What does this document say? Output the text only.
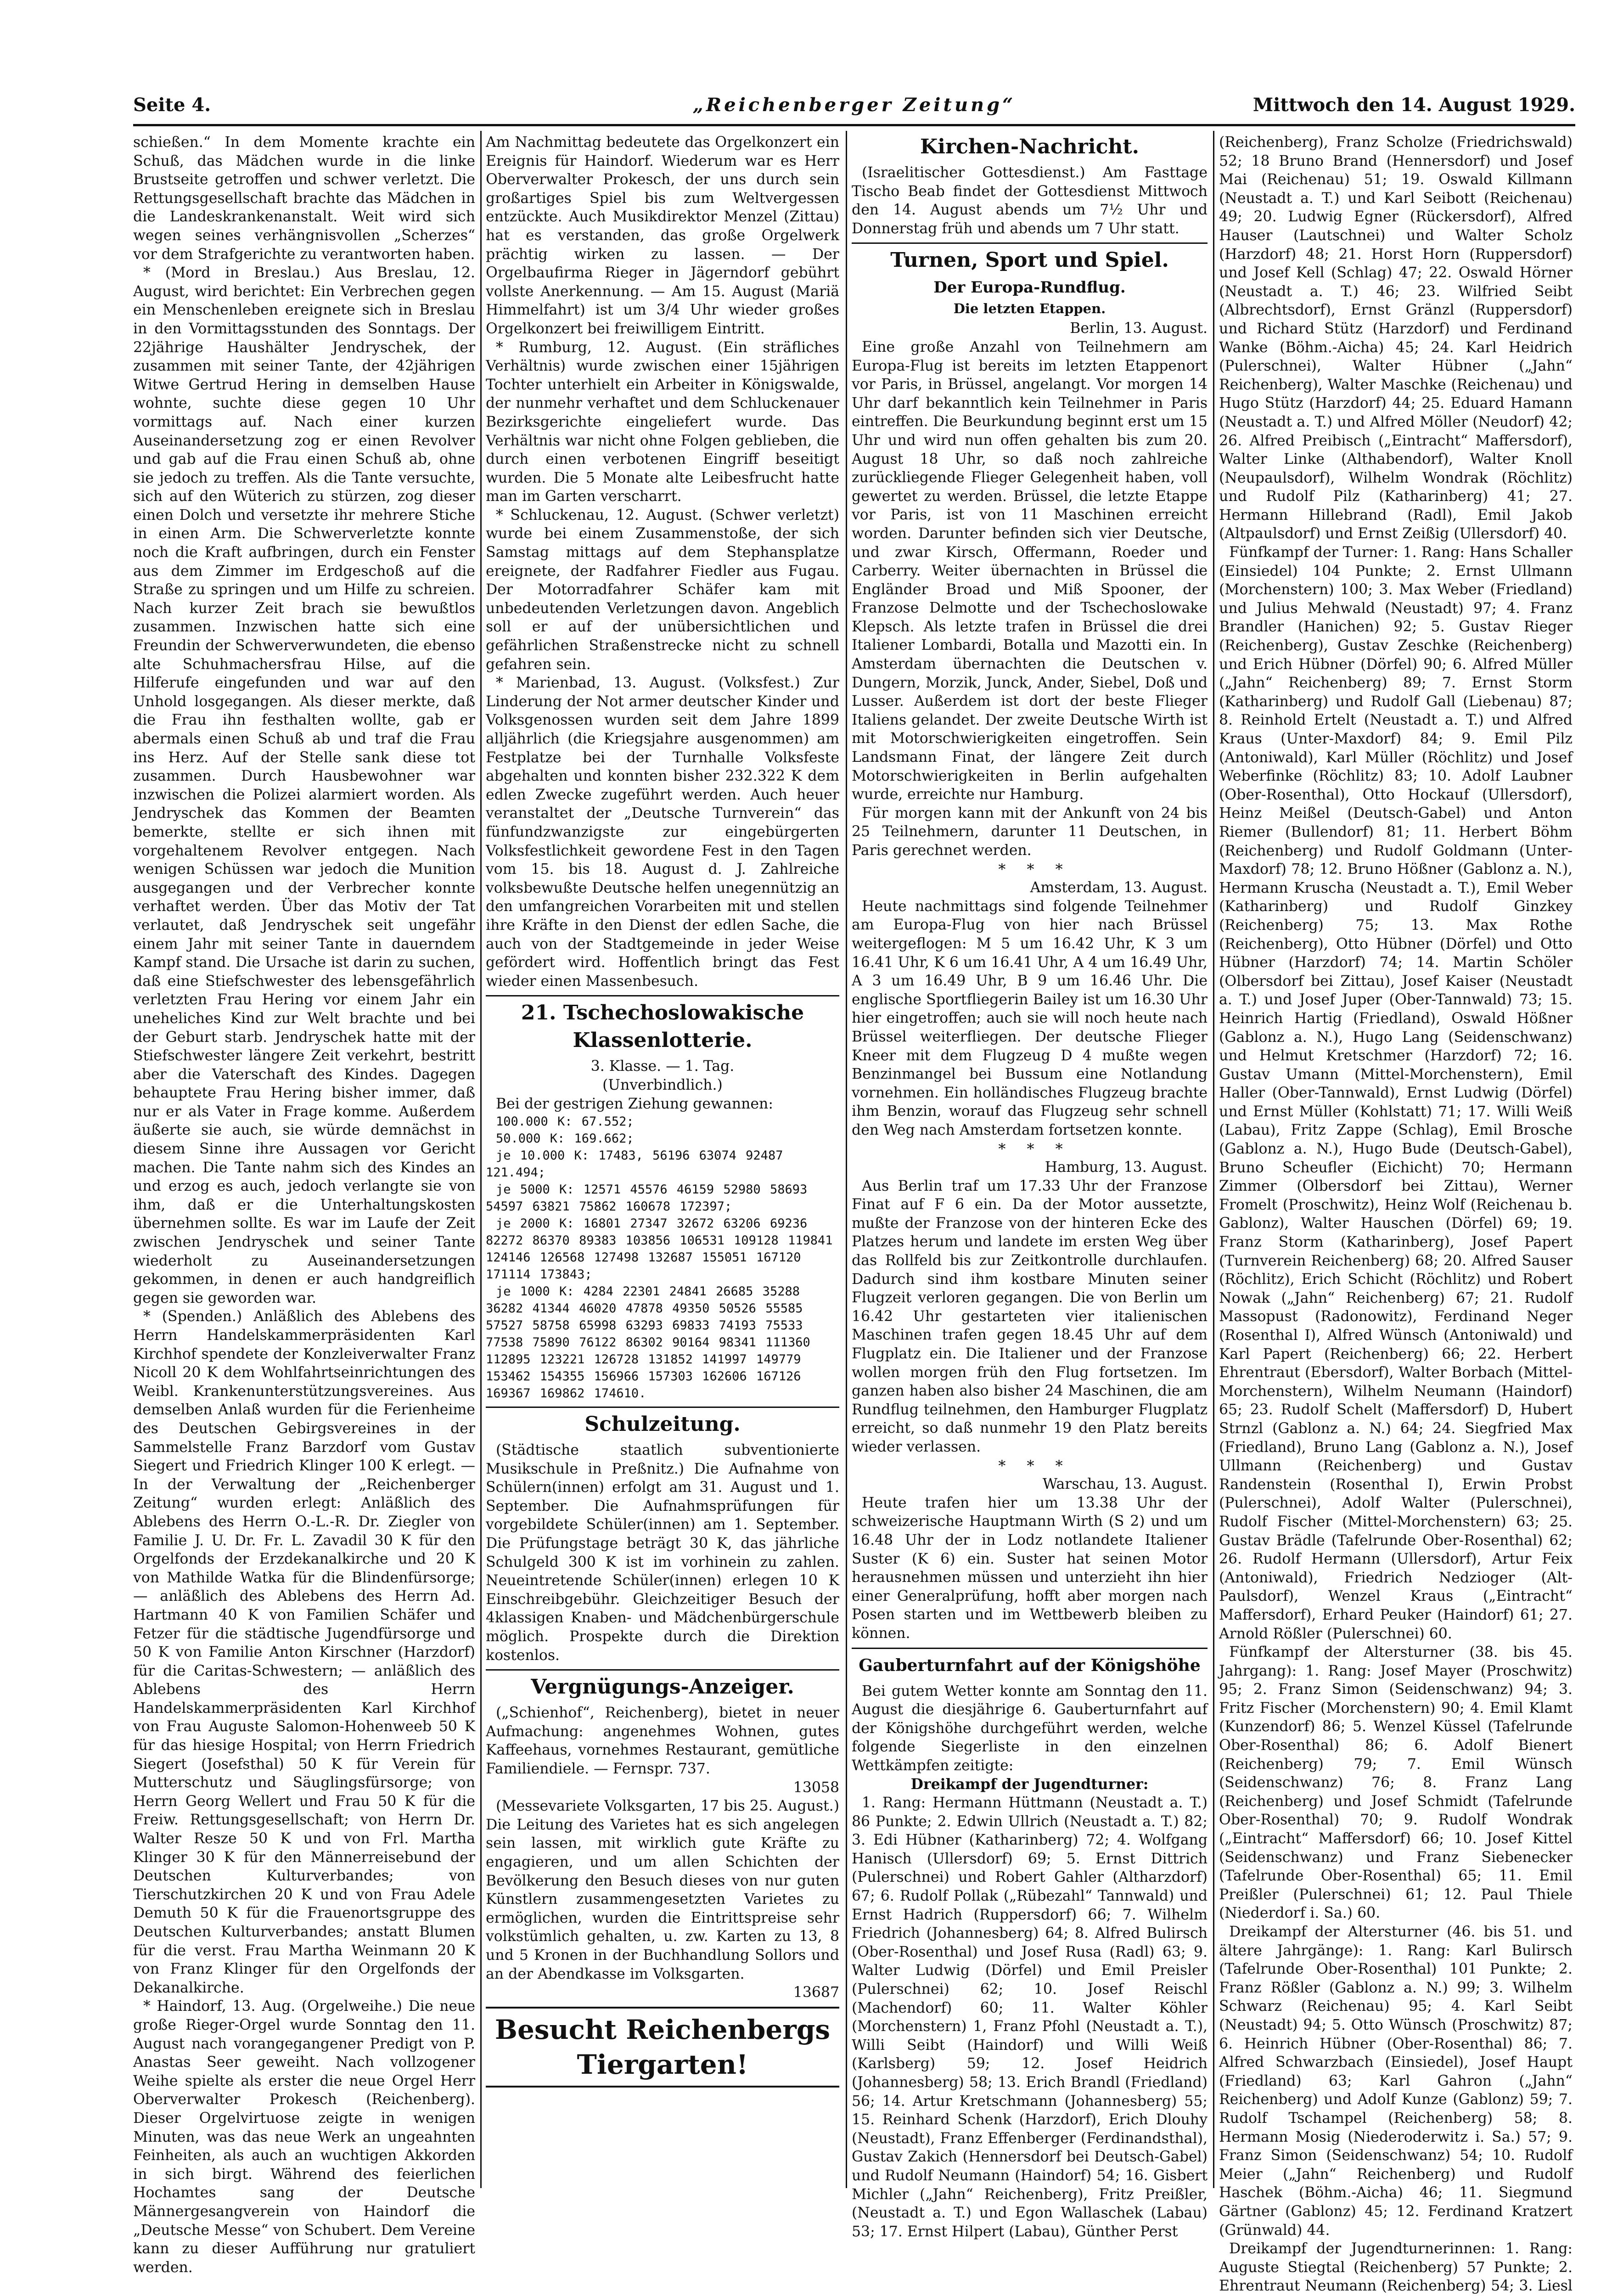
Seite 4.	„Reichenberger Zeitung“	Mittwoch den 14. August 1929.

schießen.“ In dem Momente krachte ein Schuß, das Mädchen wurde in die linke Brustseite getroffen und schwer verletzt. Die Rettungsgesellschaft brachte das Mädchen in die Landeskrankenanstalt. Weit wird sich wegen seines verhängnisvollen „Scherzes“ vor dem Strafgerichte zu verantworten haben.

* (Mord in Breslau.) Aus Breslau, 12. August, wird berichtet: Ein Verbrechen gegen ein Menschenleben ereignete sich in Breslau in den Vormittagsstunden des Sonntags. Der 22jährige Haushälter Jendryschek, der zusammen mit seiner Tante, der 42jährigen Witwe Gertrud Hering in demselben Hause wohnte, suchte diese gegen 10 Uhr vormittags auf. Nach einer kurzen Auseinandersetzung zog er einen Revolver und gab auf die Frau einen Schuß ab, ohne sie jedoch zu treffen. Als die Tante versuchte, sich auf den Wüterich zu stürzen, zog dieser einen Dolch und versetzte ihr mehrere Stiche in einen Arm. Die Schwerverletzte konnte noch die Kraft aufbringen, durch ein Fenster aus dem Zimmer im Erdgeschoß auf die Straße zu springen und um Hilfe zu schreien. Nach kurzer Zeit brach sie bewußtlos zusammen. Inzwischen hatte sich eine Freundin der Schwerverwundeten, die ebenso alte Schuhmachersfrau Hilse, auf die Hilferufe eingefunden und war auf den Unhold losgegangen. Als dieser merkte, daß die Frau ihn festhalten wollte, gab er abermals einen Schuß ab und traf die Frau ins Herz. Auf der Stelle sank diese tot zusammen. Durch Hausbewohner war inzwischen die Polizei alarmiert worden. Als Jendryschek das Kommen der Beamten bemerkte, stellte er sich ihnen mit vorgehaltenem Revolver entgegen. Nach wenigen Schüssen war jedoch die Munition ausgegangen und der Verbrecher konnte verhaftet werden. Über das Motiv der Tat verlautet, daß Jendryschek seit ungefähr einem Jahr mit seiner Tante in dauerndem Kampf stand. Die Ursache ist darin zu suchen, daß eine Stiefschwester des lebensgefährlich verletzten Frau Hering vor einem Jahr ein uneheliches Kind zur Welt brachte und bei der Geburt starb. Jendryschek hatte mit der Stiefschwester längere Zeit verkehrt, bestritt aber die Vaterschaft des Kindes. Dagegen behauptete Frau Hering bisher immer, daß nur er als Vater in Frage komme. Außerdem äußerte sie auch, sie würde demnächst in diesem Sinne ihre Aussagen vor Gericht machen. Die Tante nahm sich des Kindes an und erzog es auch, jedoch verlangte sie von ihm, daß er die Unterhaltungskosten übernehmen sollte. Es war im Laufe der Zeit zwischen Jendryschek und seiner Tante wiederholt zu Auseinandersetzungen gekommen, in denen er auch handgreiflich gegen sie geworden war.

* (Spenden.) Anläßlich des Ablebens des Herrn Handelskammerpräsidenten Karl Kirchhof spendete der Konzleiverwalter Franz Nicoll 20 K dem Wohlfahrtseinrichtungen des Weibl. Krankenunterstützungsvereines. Aus demselben Anlaß wurden für die Ferienheime des Deutschen Gebirgsvereines in der Sammelstelle Franz Barzdorf vom Gustav Siegert und Friedrich Klinger 100 K erlegt. — In der Verwaltung der „Reichenberger Zeitung“ wurden erlegt: Anläßlich des Ablebens des Herrn O.-L.-R. Dr. Ziegler von Familie J. U. Dr. Fr. L. Zavadil 30 K für den Orgelfonds der Erzdekanalkirche und 20 K von Mathilde Watka für die Blindenfürsorge; — anläßlich des Ablebens des Herrn Ad. Hartmann 40 K von Familien Schäfer und Fetzer für die städtische Jugendfürsorge und 50 K von Familie Anton Kirschner (Harzdorf) für die Caritas-Schwestern; — anläßlich des Ablebens des Herrn Handelskammerpräsidenten Karl Kirchhof von Frau Auguste Salomon-Hohenweeb 50 K für das hiesige Hospital; von Herrn Friedrich Siegert (Josefsthal) 50 K für Verein für Mutterschutz und Säuglingsfürsorge; von Herrn Georg Wellert und Frau 50 K für die Freiw. Rettungsgesellschaft; von Herrn Dr. Walter Resze 50 K und von Frl. Martha Klinger 30 K für den Männerreisebund der Deutschen Kulturverbandes; von Tierschutzkirchen 20 K und von Frau Adele Demuth 50 K für die Frauenortsgruppe des Deutschen Kulturverbandes; anstatt Blumen für die verst. Frau Martha Weinmann 20 K von Franz Klinger für den Orgelfonds der Dekanalkirche.

* Haindorf, 13. Aug. (Orgelweihe.) Die neue große Rieger-Orgel wurde Sonntag den 11. August nach vorangegangener Predigt von P. Anastas Seer geweiht. Nach vollzogener Weihe spielte als erster die neue Orgel Herr Oberverwalter Prokesch (Reichenberg). Dieser Orgelvirtuose zeigte in wenigen Minuten, was das neue Werk an ungeahnten Feinheiten, als auch an wuchtigen Akkorden in sich birgt. Während des feierlichen Hochamtes sang der Deutsche Männergesangverein von Haindorf die „Deutsche Messe“ von Schubert. Dem Vereine kann zu dieser Aufführung nur gratuliert werden.

Am Nachmittag bedeutete das Orgelkonzert ein Ereignis für Haindorf. Wiederum war es Herr Oberverwalter Prokesch, der uns durch sein großartiges Spiel bis zum Weltvergessen entzückte. Auch Musikdirektor Menzel (Zittau) hat es verstanden, das große Orgelwerk prächtig wirken zu lassen. — Der Orgelbaufirma Rieger in Jägerndorf gebührt vollste Anerkennung. — Am 15. August (Mariä Himmelfahrt) ist um 3/4 Uhr wieder großes Orgelkonzert bei freiwilligem Eintritt.

* Rumburg, 12. August. (Ein sträfliches Verhältnis) wurde zwischen einer 15jährigen Tochter unterhielt ein Arbeiter in Königswalde, der nunmehr verhaftet und dem Schluckenauer Bezirksgerichte eingeliefert wurde. Das Verhältnis war nicht ohne Folgen geblieben, die durch einen verbotenen Eingriff beseitigt wurden. Die 5 Monate alte Leibesfrucht hatte man im Garten verscharrt.

* Schluckenau, 12. August. (Schwer verletzt) wurde bei einem Zusammenstoße, der sich Samstag mittags auf dem Stephansplatze ereignete, der Radfahrer Fiedler aus Fugau. Der Motorradfahrer Schäfer kam mit unbedeutenden Verletzungen davon. Angeblich soll er auf der unübersichtlichen und gefährlichen Straßenstrecke nicht zu schnell gefahren sein.

* Marienbad, 13. August. (Volksfest.) Zur Linderung der Not armer deutscher Kinder und Volksgenossen wurden seit dem Jahre 1899 alljährlich (die Kriegsjahre ausgenommen) am Festplatze bei der Turnhalle Volksfeste abgehalten und konnten bisher 232.322 K dem edlen Zwecke zugeführt werden. Auch heuer veranstaltet der „Deutsche Turnverein“ das fünfundzwanzigste zur eingebürgerten Volksfestlichkeit gewordene Fest in den Tagen vom 15. bis 18. August d. J. Zahlreiche volksbewußte Deutsche helfen unegennützig an den umfangreichen Vorarbeiten mit und stellen ihre Kräfte in den Dienst der edlen Sache, die auch von der Stadtgemeinde in jeder Weise gefördert wird. Hoffentlich bringt das Fest wieder einen Massenbesuch.

21. Tschechoslowakische Klassenlotterie.

3. Klasse. — 1. Tag.

(Unverbindlich.)

Bei der gestrigen Ziehung gewannen:

100.000 K: 67.552;

50.000 K: 169.662;

je 10.000 K: 17483, 56196 63074 92487 121.494;

je 5000 K: 12571 45576 46159 52980 58693 54597 63821 75862 160678 172397;

je 2000 K: 16801 27347 32672 63206 69236 82272 86370 89383 103856 106531 109128 119841 124146 126568 127498 132687 155051 167120 171114 173843;

je 1000 K: 4284 22301 24841 26685 35288 36282 41344 46020 47878 49350 50526 55585 57527 58758 65998 63293 69833 74193 75533 77538 75890 76122 86302 90164 98341 111360 112895 123221 126728 131852 141997 149779 153462 154355 156966 157303 162606 167126 169367 169862 174610.

Schulzeitung.

(Städtische staatlich subventionierte Musikschule in Preßnitz.) Die Aufnahme von Schülern(innen) erfolgt am 31. August und 1. September. Die Aufnahmsprüfungen für vorgebildete Schüler(innen) am 1. September. Die Prüfungstage beträgt 30 K, das jährliche Schulgeld 300 K ist im vorhinein zu zahlen. Neueintretende Schüler(innen) erlegen 10 K Einschreibgebühr. Gleichzeitiger Besuch der 4klassigen Knaben- und Mädchenbürgerschule möglich. Prospekte durch die Direktion kostenlos.

Vergnügungs-Anzeiger.

(„Schienhof“, Reichenberg), bietet in neuer Aufmachung: angenehmes Wohnen, gutes Kaffeehaus, vornehmes Restaurant, gemütliche Familiendiele. — Fernspr. 737.

13058

(Messevariete Volksgarten, 17 bis 25. August.) Die Leitung des Varietes hat es sich angelegen sein lassen, mit wirklich gute Kräfte zu engagieren, und um allen Schichten der Bevölkerung den Besuch dieses von nur guten Künstlern zusammengesetzten Varietes zu ermöglichen, wurden die Eintrittspreise sehr volkstümlich gehalten, u. zw. Karten zu 13, 8 und 5 Kronen in der Buchhandlung Sollors und an der Abendkasse im Volksgarten.

13687

Besucht Reichenbergs Tiergarten!
Kirchen-Nachricht.

(Israelitischer Gottesdienst.) Am Fasttage Tischo Beab findet der Gottesdienst Mittwoch den 14. August abends um 7½ Uhr und Donnerstag früh und abends um 7 Uhr statt.

Turnen, Sport und Spiel.
Der Europa-Rundflug.
Die letzten Etappen.

Berlin, 13. August.

Eine große Anzahl von Teilnehmern am Europa-Flug ist bereits im letzten Etappenort vor Paris, in Brüssel, angelangt. Vor morgen 14 Uhr darf bekanntlich kein Teilnehmer in Paris eintreffen. Die Beurkundung beginnt erst um 15 Uhr und wird nun offen gehalten bis zum 20. August 18 Uhr, so daß noch zahlreiche zurückliegende Flieger Gelegenheit haben, voll gewertet zu werden. Brüssel, die letzte Etappe vor Paris, ist von 11 Maschinen erreicht worden. Darunter befinden sich vier Deutsche, und zwar Kirsch, Offermann, Roeder und Carberry. Weiter übernachten in Brüssel die Engländer Broad und Miß Spooner, der Franzose Delmotte und der Tschechoslowake Klepsch. Als letzte trafen in Brüssel die drei Italiener Lombardi, Botalla und Mazotti ein. In Amsterdam übernachten die Deutschen v. Dungern, Morzik, Junck, Ander, Siebel, Doß und Lusser. Außerdem ist dort der beste Flieger Italiens gelandet. Der zweite Deutsche Wirth ist mit Motorschwierigkeiten eingetroffen. Sein Landsmann Finat, der längere Zeit durch Motorschwierigkeiten in Berlin aufgehalten wurde, erreichte nur Hamburg.

Für morgen kann mit der Ankunft von 24 bis 25 Teilnehmern, darunter 11 Deutschen, in Paris gerechnet werden.

* * *

Amsterdam, 13. August.

Heute nachmittags sind folgende Teilnehmer am Europa-Flug von hier nach Brüssel weitergeflogen: M 5 um 16.42 Uhr, K 3 um 16.41 Uhr, K 6 um 16.41 Uhr, A 4 um 16.49 Uhr, A 3 um 16.49 Uhr, B 9 um 16.46 Uhr. Die englische Sportfliegerin Bailey ist um 16.30 Uhr hier eingetroffen; auch sie will noch heute nach Brüssel weiterfliegen. Der deutsche Flieger Kneer mit dem Flugzeug D 4 mußte wegen Benzinmangel bei Bussum eine Notlandung vornehmen. Ein holländisches Flugzeug brachte ihm Benzin, worauf das Flugzeug sehr schnell den Weg nach Amsterdam fortsetzen konnte.

* * *

Hamburg, 13. August.

Aus Berlin traf um 17.33 Uhr der Franzose Finat auf F 6 ein. Da der Motor aussetzte, mußte der Franzose von der hinteren Ecke des Platzes herum und landete im ersten Weg über das Rollfeld bis zur Zeitkontrolle durchlaufen. Dadurch sind ihm kostbare Minuten seiner Flugzeit verloren gegangen. Die von Berlin um 16.42 Uhr gestarteten vier italienischen Maschinen trafen gegen 18.45 Uhr auf dem Flugplatz ein. Die Italiener und der Franzose wollen morgen früh den Flug fortsetzen. Im ganzen haben also bisher 24 Maschinen, die am Rundflug teilnehmen, den Hamburger Flugplatz erreicht, so daß nunmehr 19 den Platz bereits wieder verlassen.

* * *

Warschau, 13. August.

Heute trafen hier um 13.38 Uhr der schweizerische Hauptmann Wirth (S 2) und um 16.48 Uhr der in Lodz notlandete Italiener Suster (K 6) ein. Suster hat seinen Motor herausnehmen müssen und unterzieht ihn hier einer Generalprüfung, hofft aber morgen nach Posen starten und im Wettbewerb bleiben zu können.

Gauberturnfahrt auf der Königshöhe

Bei gutem Wetter konnte am Sonntag den 11. August die diesjährige 6. Gauberturnfahrt auf der Königshöhe durchgeführt werden, welche folgende Siegerliste in den einzelnen Wettkämpfen zeitigte:

Dreikampf der Jugendturner:

1. Rang: Hermann Hüttmann (Neustadt a. T.) 86 Punkte; 2. Edwin Ullrich (Neustadt a. T.) 82; 3. Edi Hübner (Katharinberg) 72; 4. Wolfgang Hanisch (Ullersdorf) 69; 5. Ernst Dittrich (Pulerschnei) und Robert Gahler (Altharzdorf) 67; 6. Rudolf Pollak („Rübezahl“ Tannwald) und Ernst Hadrich (Ruppersdorf) 66; 7. Wilhelm Friedrich (Johannesberg) 64; 8. Alfred Bulirsch (Ober-Rosenthal) und Josef Rusa (Radl) 63; 9. Walter Ludwig (Dörfel) und Emil Preisler (Pulerschnei) 62; 10. Josef Reischl (Machendorf) 60; 11. Walter Köhler (Morchenstern) 1, Franz Pfohl (Neustadt a. T.), Willi Seibt (Haindorf) und Willi Weiß (Karlsberg) 59; 12. Josef Heidrich (Johannesberg) 58; 13. Erich Brandl (Friedland) 56; 14. Artur Kretschmann (Johannesberg) 55; 15. Reinhard Schenk (Harzdorf), Erich Dlouhy (Neustadt), Franz Effenberger (Ferdinandsthal), Gustav Zakich (Hennersdorf bei Deutsch-Gabel) und Rudolf Neumann (Haindorf) 54; 16. Gisbert Michler („Jahn“ Reichenberg), Fritz Preißler, (Neustadt a. T.) und Egon Wallaschek (Labau) 53; 17. Ernst Hilpert (Labau), Günther Perst

(Reichenberg), Franz Scholze (Friedrichswald) 52; 18 Bruno Brand (Hennersdorf) und Josef Mai (Reichenau) 51; 19. Oswald Killmann (Neustadt a. T.) und Karl Seibott (Reichenau) 49; 20. Ludwig Egner (Rückersdorf), Alfred Hauser (Lautschnei) und Walter Scholz (Harzdorf) 48; 21. Horst Horn (Ruppersdorf) und Josef Kell (Schlag) 47; 22. Oswald Hörner (Neustadt a. T.) 46; 23. Wilfried Seibt (Albrechtsdorf), Ernst Gränzl (Ruppersdorf) und Richard Stütz (Harzdorf) und Ferdinand Wanke (Böhm.-Aicha) 45; 24. Karl Heidrich (Pulerschnei), Walter Hübner („Jahn“ Reichenberg), Walter Maschke (Reichenau) und Hugo Stütz (Harzdorf) 44; 25. Eduard Hamann (Neustadt a. T.) und Alfred Möller (Neudorf) 42; 26. Alfred Preibisch („Eintracht“ Maffersdorf), Walter Linke (Althabendorf), Walter Knoll (Neupaulsdorf), Wilhelm Wondrak (Röchlitz) und Rudolf Pilz (Katharinberg) 41; 27. Hermann Hillebrand (Radl), Emil Jakob (Altpaulsdorf) und Ernst Zeißig (Ullersdorf) 40.

Fünfkampf der Turner: 1. Rang: Hans Schaller (Einsiedel) 104 Punkte; 2. Ernst Ullmann (Morchenstern) 100; 3. Max Weber (Friedland) und Julius Mehwald (Neustadt) 97; 4. Franz Brandler (Hanichen) 92; 5. Gustav Rieger (Reichenberg), Gustav Zeschke (Reichenberg) und Erich Hübner (Dörfel) 90; 6. Alfred Müller („Jahn“ Reichenberg) 89; 7. Ernst Storm (Katharinberg) und Rudolf Gall (Liebenau) 87; 8. Reinhold Ertelt (Neustadt a. T.) und Alfred Kraus (Unter-Maxdorf) 84; 9. Emil Pilz (Antoniwald), Karl Müller (Röchlitz) und Josef Weberfinke (Röchlitz) 83; 10. Adolf Laubner (Ober-Rosenthal), Otto Hockauf (Ullersdorf), Heinz Meißel (Deutsch-Gabel) und Anton Riemer (Bullendorf) 81; 11. Herbert Böhm (Reichenberg) und Rudolf Goldmann (Unter-Maxdorf) 78; 12. Bruno Hößner (Gablonz a. N.), Hermann Kruscha (Neustadt a. T.), Emil Weber (Katharinberg) und Rudolf Ginzkey (Reichenberg) 75; 13. Max Rothe (Reichenberg), Otto Hübner (Dörfel) und Otto Hübner (Harzdorf) 74; 14. Martin Schöler (Olbersdorf bei Zittau), Josef Kaiser (Neustadt a. T.) und Josef Juper (Ober-Tannwald) 73; 15. Heinrich Hartig (Friedland), Oswald Hößner (Gablonz a. N.), Hugo Lang (Seidenschwanz) und Helmut Kretschmer (Harzdorf) 72; 16. Gustav Umann (Mittel-Morchenstern), Emil Haller (Ober-Tannwald), Ernst Ludwig (Dörfel) und Ernst Müller (Kohlstatt) 71; 17. Willi Weiß (Labau), Fritz Zappe (Schlag), Emil Brosche (Gablonz a. N.), Hugo Bude (Deutsch-Gabel), Bruno Scheufler (Eichicht) 70; Hermann Zimmer (Olbersdorf bei Zittau), Werner Fromelt (Proschwitz), Heinz Wolf (Reichenau b. Gablonz), Walter Hauschen (Dörfel) 69; 19. Franz Storm (Katharinberg), Josef Papert (Turnverein Reichenberg) 68; 20. Alfred Sauser (Röchlitz), Erich Schicht (Röchlitz) und Robert Nowak („Jahn“ Reichenberg) 67; 21. Rudolf Massopust (Radonowitz), Ferdinand Neger (Rosenthal I), Alfred Wünsch (Antoniwald) und Karl Papert (Reichenberg) 66; 22. Herbert Ehrentraut (Ebersdorf), Walter Borbach (Mittel-Morchenstern), Wilhelm Neumann (Haindorf) 65; 23. Rudolf Schelt (Maffersdorf) D, Hubert Strnzl (Gablonz a. N.) 64; 24. Siegfried Max (Friedland), Bruno Lang (Gablonz a. N.), Josef Ullmann (Reichenberg) und Gustav Randenstein (Rosenthal I), Erwin Probst (Pulerschnei), Adolf Walter (Pulerschnei), Rudolf Fischer (Mittel-Morchenstern) 63; 25. Gustav Brädle (Tafelrunde Ober-Rosenthal) 62; 26. Rudolf Hermann (Ullersdorf), Artur Feix (Antoniwald), Friedrich Nedzioger (Alt-Paulsdorf), Wenzel Kraus („Eintracht“ Maffersdorf), Erhard Peuker (Haindorf) 61; 27. Arnold Rößler (Pulerschnei) 60.

Fünfkampf der Altersturner (38. bis 45. Jahrgang): 1. Rang: Josef Mayer (Proschwitz) 95; 2. Franz Simon (Seidenschwanz) 94; 3. Fritz Fischer (Morchenstern) 90; 4. Emil Klamt (Kunzendorf) 86; 5. Wenzel Küssel (Tafelrunde Ober-Rosenthal) 86; 6. Adolf Bienert (Reichenberg) 79; 7. Emil Wünsch (Seidenschwanz) 76; 8. Franz Lang (Reichenberg) und Josef Schmidt (Tafelrunde Ober-Rosenthal) 70; 9. Rudolf Wondrak („Eintracht“ Maffersdorf) 66; 10. Josef Kittel (Seidenschwanz) und Franz Siebenecker (Tafelrunde Ober-Rosenthal) 65; 11. Emil Preißler (Pulerschnei) 61; 12. Paul Thiele (Niederdorf i. Sa.) 60.

Dreikampf der Altersturner (46. bis 51. und ältere Jahrgänge): 1. Rang: Karl Bulirsch (Tafelrunde Ober-Rosenthal) 101 Punkte; 2. Franz Rößler (Gablonz a. N.) 99; 3. Wilhelm Schwarz (Reichenau) 95; 4. Karl Seibt (Neustadt) 94; 5. Otto Wünsch (Proschwitz) 87; 6. Heinrich Hübner (Ober-Rosenthal) 86; 7. Alfred Schwarzbach (Einsiedel), Josef Haupt (Friedland) 63; Karl Gahron („Jahn“ Reichenberg) und Adolf Kunze (Gablonz) 59; 7. Rudolf Tschampel (Reichenberg) 58; 8. Hermann Mosig (Niederoderwitz i. Sa.) 57; 9. Franz Simon (Seidenschwanz) 54; 10. Rudolf Meier („Jahn“ Reichenberg) und Rudolf Haschek (Böhm.-Aicha) 46; 11. Siegmund Gärtner (Gablonz) 45; 12. Ferdinand Kratzert (Grünwald) 44.

Dreikampf der Jugendturnerinnen: 1. Rang: Auguste Stiegtal (Reichenberg) 57 Punkte; 2. Ehrentraut Neumann (Reichenberg) 54; 3. Liesl
